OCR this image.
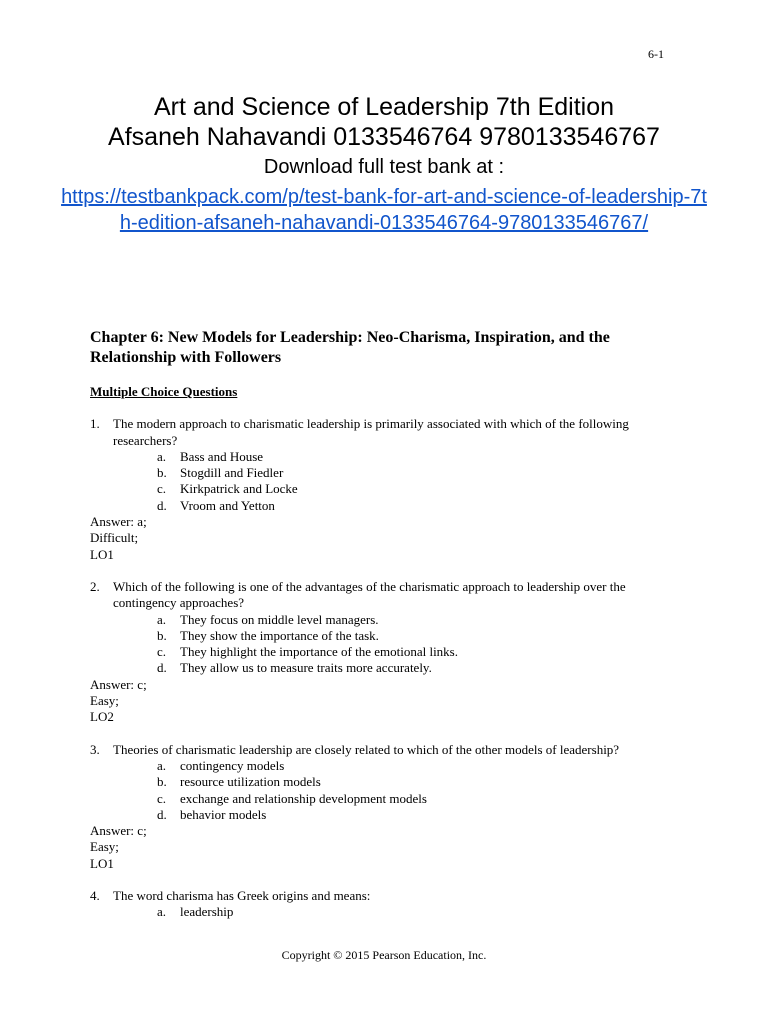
6-1
Art and Science of Leadership 7th Edition
Afsaneh Nahavandi 0133546764 9780133546767
Download full test bank at :
https://testbankpack.com/p/test-bank-for-art-and-science-of-leadership-7th-edition-afsaneh-nahavandi-0133546764-9780133546767/
Chapter 6: New Models for Leadership: Neo-Charisma, Inspiration, and the Relationship with Followers
Multiple Choice Questions
1.	The modern approach to charismatic leadership is primarily associated with which of the following researchers?
a.	Bass and House
b.	Stogdill and Fiedler
c.	Kirkpatrick and Locke
d.	Vroom and Yetton
Answer: a;
Difficult;
LO1
2.	Which of the following is one of the advantages of the charismatic approach to leadership over the contingency approaches?
a.	They focus on middle level managers.
b.	They show the importance of the task.
c.	They highlight the importance of the emotional links.
d.	They allow us to measure traits more accurately.
Answer: c;
Easy;
LO2
3.	Theories of charismatic leadership are closely related to which of the other models of leadership?
a.	contingency models
b.	resource utilization models
c.	exchange and relationship development models
d.	behavior models
Answer: c;
Easy;
LO1
4.	The word charisma has Greek origins and means:
a.	leadership
Copyright © 2015 Pearson Education, Inc.
